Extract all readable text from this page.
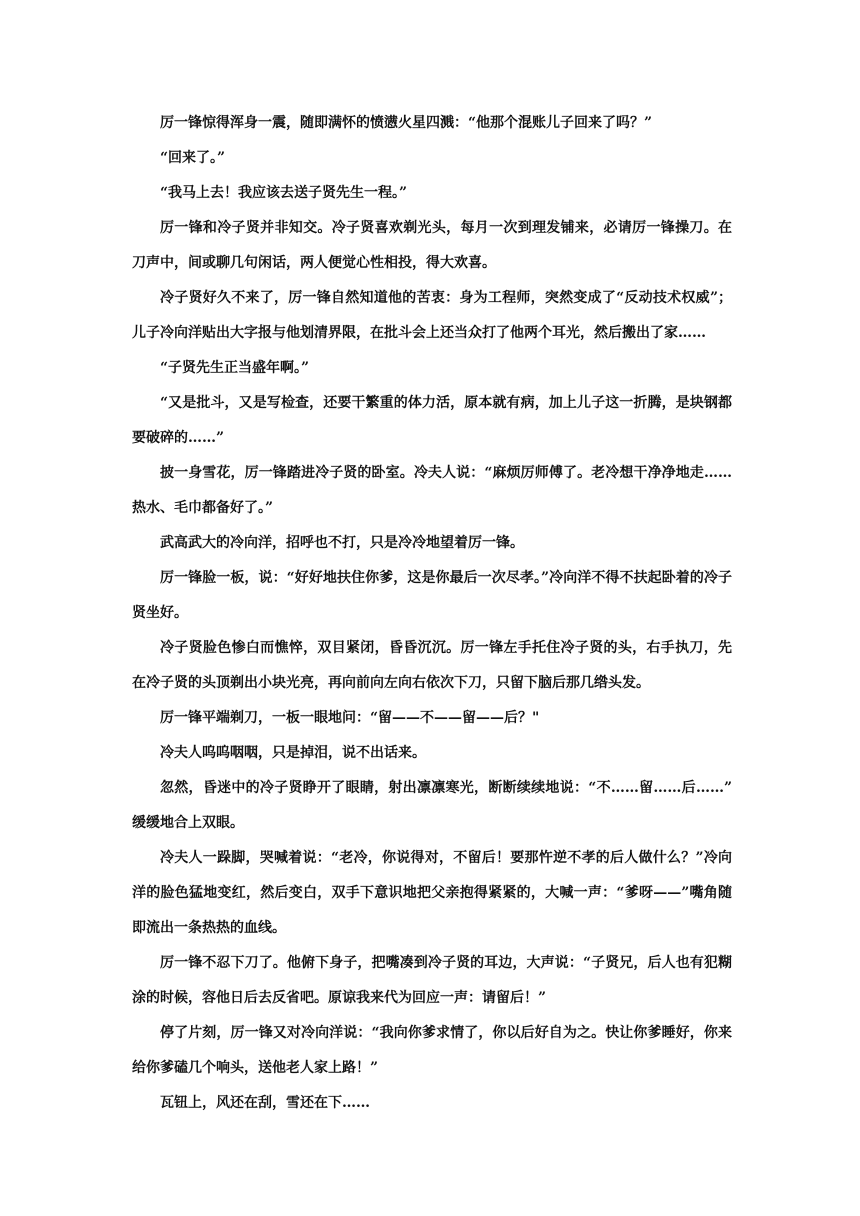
厉一锋惊得浑身一震，随即满怀的愤懑火星四溅：“他那个混账儿子回来了吗？”

“回来了。”

“我马上去！我应该去送子贤先生一程。”

厉一锋和冷子贤并非知交。冷子贤喜欢剃光头，每月一次到理发铺来，必请厉一锋操刀。在刀声中，间或聊几句闲话，两人便觉心性相投，得大欢喜。

冷子贤好久不来了，厉一锋自然知道他的苦衷：身为工程师，突然变成了“反动技术权威”；儿子冷向洋贴出大字报与他划清界限，在批斗会上还当众打了他两个耳光，然后搬出了家……

“子贤先生正当盛年啊。”

“又是批斗，又是写检查，还要干繁重的体力活，原本就有病，加上儿子这一折腾，是块钢都要破碎的……”

披一身雪花，厉一锋踏进冷子贤的卧室。冷夫人说：“麻烦厉师傅了。老冷想干净净地走……热水、毛巾都备好了。”

武高武大的冷向洋，招呼也不打，只是冷冷地望着厉一锋。

厉一锋脸一板，说：“好好地扶住你爹，这是你最后一次尽孝。”冷向洋不得不扶起卧着的冷子贤坐好。

冷子贤脸色惨白而憔悴，双目紧闭，昏昏沉沉。厉一锋左手托住冷子贤的头，右手执刀，先在冷子贤的头顶剃出小块光亮，再向前向左向右依次下刀，只留下脑后那几绺头发。

厉一锋平端剃刀，一板一眼地问：“留——不——留——后？"

冷夫人呜呜咽咽，只是掉泪，说不出话来。

忽然，昏迷中的冷子贤睁开了眼睛，射出凛凛寒光，断断续续地说：“不……留……后……”缓缓地合上双眼。

冷夫人一跺脚，哭喊着说：“老冷，你说得对，不留后！要那忤逆不孝的后人做什么？”冷向洋的脸色猛地变红，然后变白，双手下意识地把父亲抱得紧紧的，大喊一声：“爹呀——”嘴角随即流出一条热热的血线。

厉一锋不忍下刀了。他俯下身子，把嘴凑到冷子贤的耳边，大声说：“子贤兄，后人也有犯糊涂的时候，容他日后去反省吧。原谅我来代为回应一声：请留后！”

停了片刻，厉一锋又对冷向洋说：“我向你爹求情了，你以后好自为之。快让你爹睡好，你来给你爹磕几个响头，送他老人家上路！”

瓦钮上，风还在刮，雪还在下……
